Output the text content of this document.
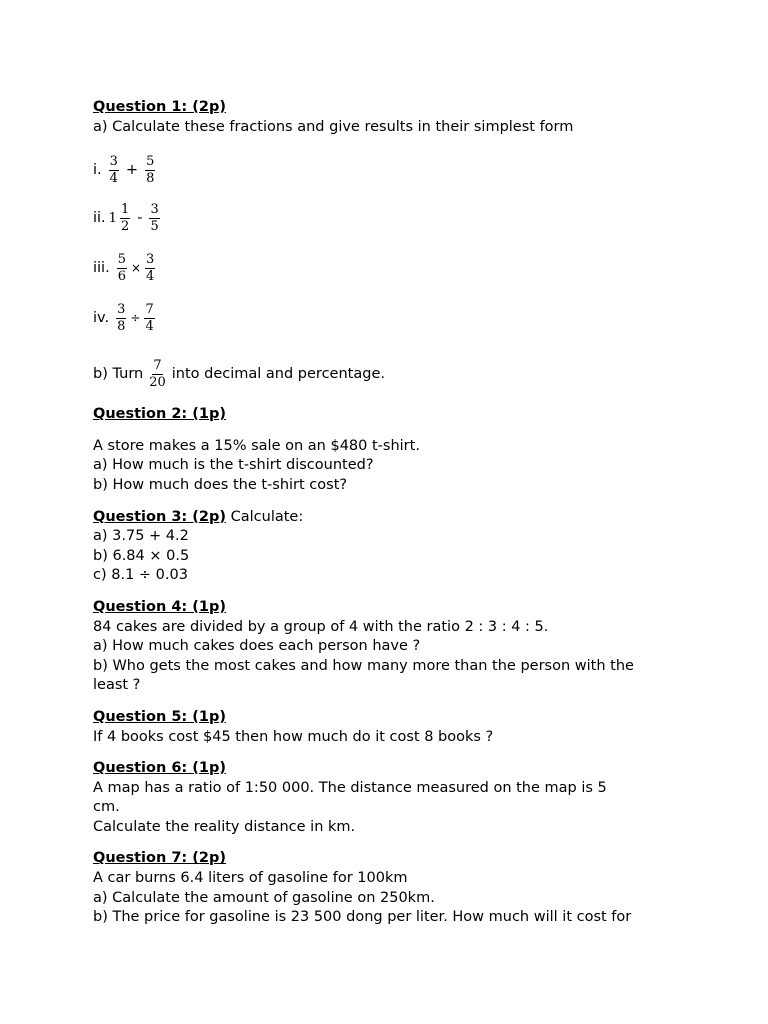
Question 1: (2p)
a) Calculate these fractions and give results in their simplest form
i. $\frac{3}{4} + \frac{5}{8}$
ii. $1 \frac{1}{2} - \frac{3}{5}$
iii. $\frac{5}{6} \times \frac{3}{4}$
iv. $\frac{3}{8} \div \frac{7}{4}$
b) Turn $\frac{7}{20}$ into decimal and percentage.
Question 2: (1p)
A store makes a 15% sale on an $480 t-shirt.
a) How much is the t-shirt discounted?
b) How much does the t-shirt cost?
Question 3: (2p) Calculate:
a) 3.75 + 4.2
b) 6.84 × 0.5
c) 8.1 ÷ 0.03
Question 4: (1p)
84 cakes are divided by a group of 4 with the ratio 2 : 3 : 4 : 5.
a) How much cakes does each person have ?
b) Who gets the most cakes and how many more than the person with the
least ?
Question 5: (1p)
If 4 books cost $45 then how much do it cost 8 books ?
Question 6: (1p)
A map has a ratio of 1:50 000. The distance measured on the map is 5
cm.
Calculate the reality distance in km.
Question 7: (2p)
A car burns 6.4 liters of gasoline for 100km
a) Calculate the amount of gasoline on 250km.
b) The price for gasoline is 23 500 dong per liter. How much will it cost for
